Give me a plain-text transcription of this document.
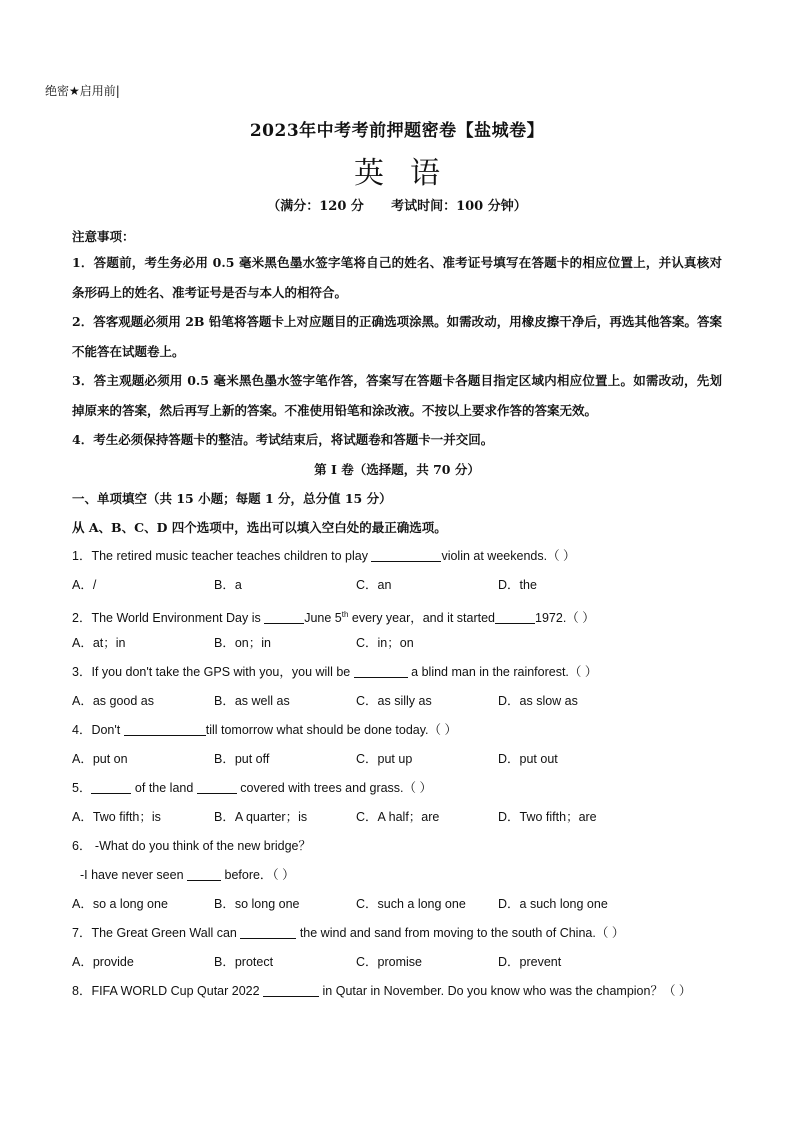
绝密★启用前|
2023年中考考前押题密卷【盐城卷】
英语
（满分：120 分      考试时间：100 分钟）
注意事项：
1．答题前，考生务必用 0.5 毫米黑色墨水签字笔将自己的姓名、准考证号填写在答题卡的相应位置上，并认真核对条形码上的姓名、准考证号是否与本人的相符合。
2．答客观题必须用 2B 铅笔将答题卡上对应题目的正确选项涂黑。如需改动，用橡皮擦干净后，再选其他答案。答案不能答在试题卷上。
3．答主观题必须用 0.5 毫米黑色墨水签字笔作答，答案写在答题卡各题目指定区域内相应位置上。如需改动，先划掉原来的答案，然后再写上新的答案。不准使用铅笔和涂改液。不按以上要求作答的答案无效。
4．考生必须保持答题卡的整洁。考试结束后，将试题卷和答题卡一并交回。
第 I 卷（选择题，共 70 分）
一、单项填空（共 15 小题；每题 1 分，总分值 15 分）
从 A、B、C、D 四个选项中，选出可以填入空白处的最正确选项。
1．The retired music teacher teaches children to play	violin at weekends.（ ）
A．/	B．a	C．an	D．the
2．The World Environment Day is	June 5th every year，and it started	1972.（ ）
A．at；in	B．on；in	C．in；on
3．If you don't take the GPS with you，you will be	a blind man in the rainforest.（ ）
A．as good as	B．as well as	C．as silly as	D．as slow as
4．Don't	till tomorrow what should be done today.（ ）
A．put on	B．put off	C．put up	D．put out
5．	of the land	covered with trees and grass.（ ）
A．Two fifth；is	B．A quarter；is	C．A half；are	D．Two fifth；are
6． -What do you think of the new bridge？
-I have never seen	before．（ ）
A．so a long one	B．so long one	C．such a long one	D．a such long one
7．The Great Green Wall can	the wind and sand from moving to the south of China.（ ）
A．provide	B．protect	C．promise	D．prevent
8．FIFA WORLD Cup Qutar 2022	in Qutar in November. Do you know who was the champion？（ ）
